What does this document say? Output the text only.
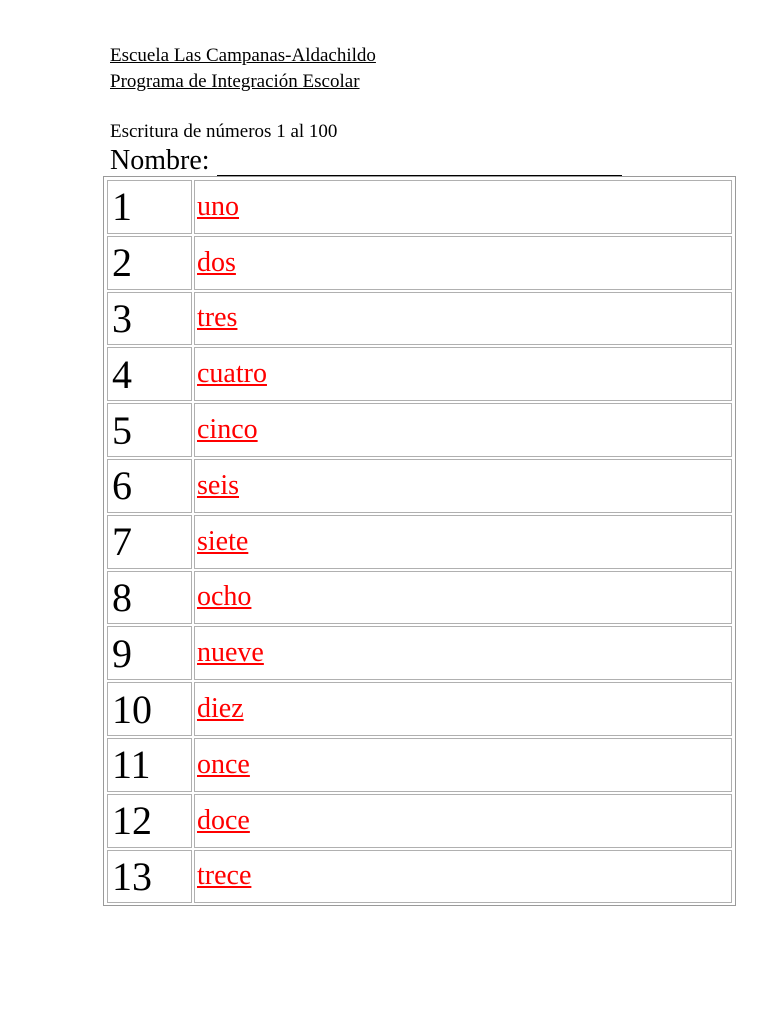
Escuela Las Campanas-Aldachildo
Programa de Integración Escolar
Escritura de números 1 al 100
Nombre:
1	uno
2	dos
3	tres
4	cuatro
5	cinco
6	seis
7	siete
8	ocho
9	nueve
10	diez
11	once
12	doce
13	trece
